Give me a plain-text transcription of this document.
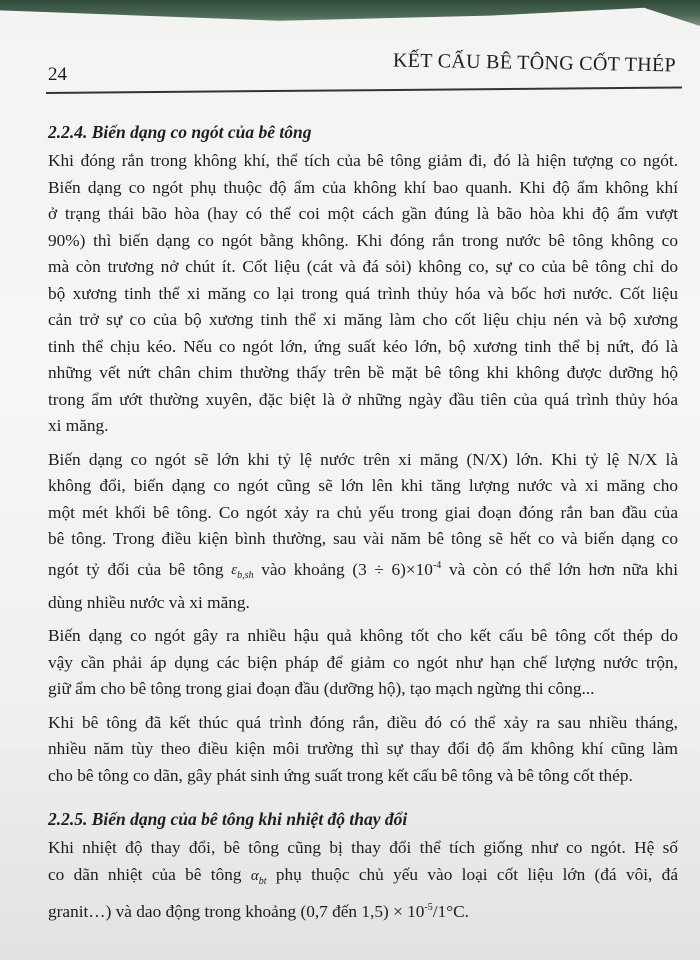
24	KẾT CẤU BÊ TÔNG CỐT THÉP
2.2.4. Biến dạng co ngót của bê tông
Khi đóng rắn trong không khí, thể tích của bê tông giảm đi, đó là hiện tượng co ngót.
Biến dạng co ngót phụ thuộc độ ẩm của không khí bao quanh. Khi độ ẩm không khí
ở trạng thái bão hòa (hay có thể coi một cách gần đúng là bão hòa khi độ ẩm vượt
90%) thì biến dạng co ngót bằng không. Khi đóng rắn trong nước bê tông không co
mà còn trương nở chút ít. Cốt liệu (cát và đá sỏi) không co, sự co của bê tông chỉ do
bộ xương tinh thể xi măng co lại trong quá trình thủy hóa và bốc hơi nước. Cốt liệu
cản trở sự co của bộ xương tinh thể xi măng làm cho cốt liệu chịu nén và bộ xương
tinh thể chịu kéo. Nếu co ngót lớn, ứng suất kéo lớn, bộ xương tinh thể bị nứt, đó là
những vết nứt chân chim thường thấy trên bề mặt bê tông khi không được dưỡng hộ
trong ẩm ướt thường xuyên, đặc biệt là ở những ngày đầu tiên của quá trình thủy hóa
xi măng.
Biến dạng co ngót sẽ lớn khi tỷ lệ nước trên xi măng (N/X) lớn. Khi tỷ lệ N/X là
không đổi, biến dạng co ngót cũng sẽ lớn lên khi tăng lượng nước và xi măng cho
một mét khối bê tông. Co ngót xảy ra chủ yếu trong giai đoạn đóng rắn ban đầu của
bê tông. Trong điều kiện bình thường, sau vài năm bê tông sẽ hết co và biến dạng co
ngót tỷ đối của bê tông $\varepsilon_{b,sh}$ vào khoảng $(3 \div 6)\times 10^{-4}$ và còn có thể lớn hơn nữa khi
dùng nhiều nước và xi măng.
Biến dạng co ngót gây ra nhiều hậu quả không tốt cho kết cấu bê tông cốt thép do
vậy cần phải áp dụng các biện pháp để giảm co ngót như hạn chế lượng nước trộn,
giữ ẩm cho bê tông trong giai đoạn đầu (dưỡng hộ), tạo mạch ngừng thi công...
Khi bê tông đã kết thúc quá trình đóng rắn, điều đó có thể xảy ra sau nhiều tháng,
nhiều năm tùy theo điều kiện môi trường thì sự thay đổi độ ẩm không khí cũng làm
cho bê tông co dãn, gây phát sinh ứng suất trong kết cấu bê tông và bê tông cốt thép.
2.2.5. Biến dạng của bê tông khi nhiệt độ thay đổi
Khi nhiệt độ thay đổi, bê tông cũng bị thay đổi thể tích giống như co ngót. Hệ số
co dãn nhiệt của bê tông $\alpha_{bt}$ phụ thuộc chủ yếu vào loại cốt liệu lớn (đá vôi, đá
granit…) và dao động trong khoảng (0,7 đến $1,5) \times 10^{-5}/1^\circ C$.
